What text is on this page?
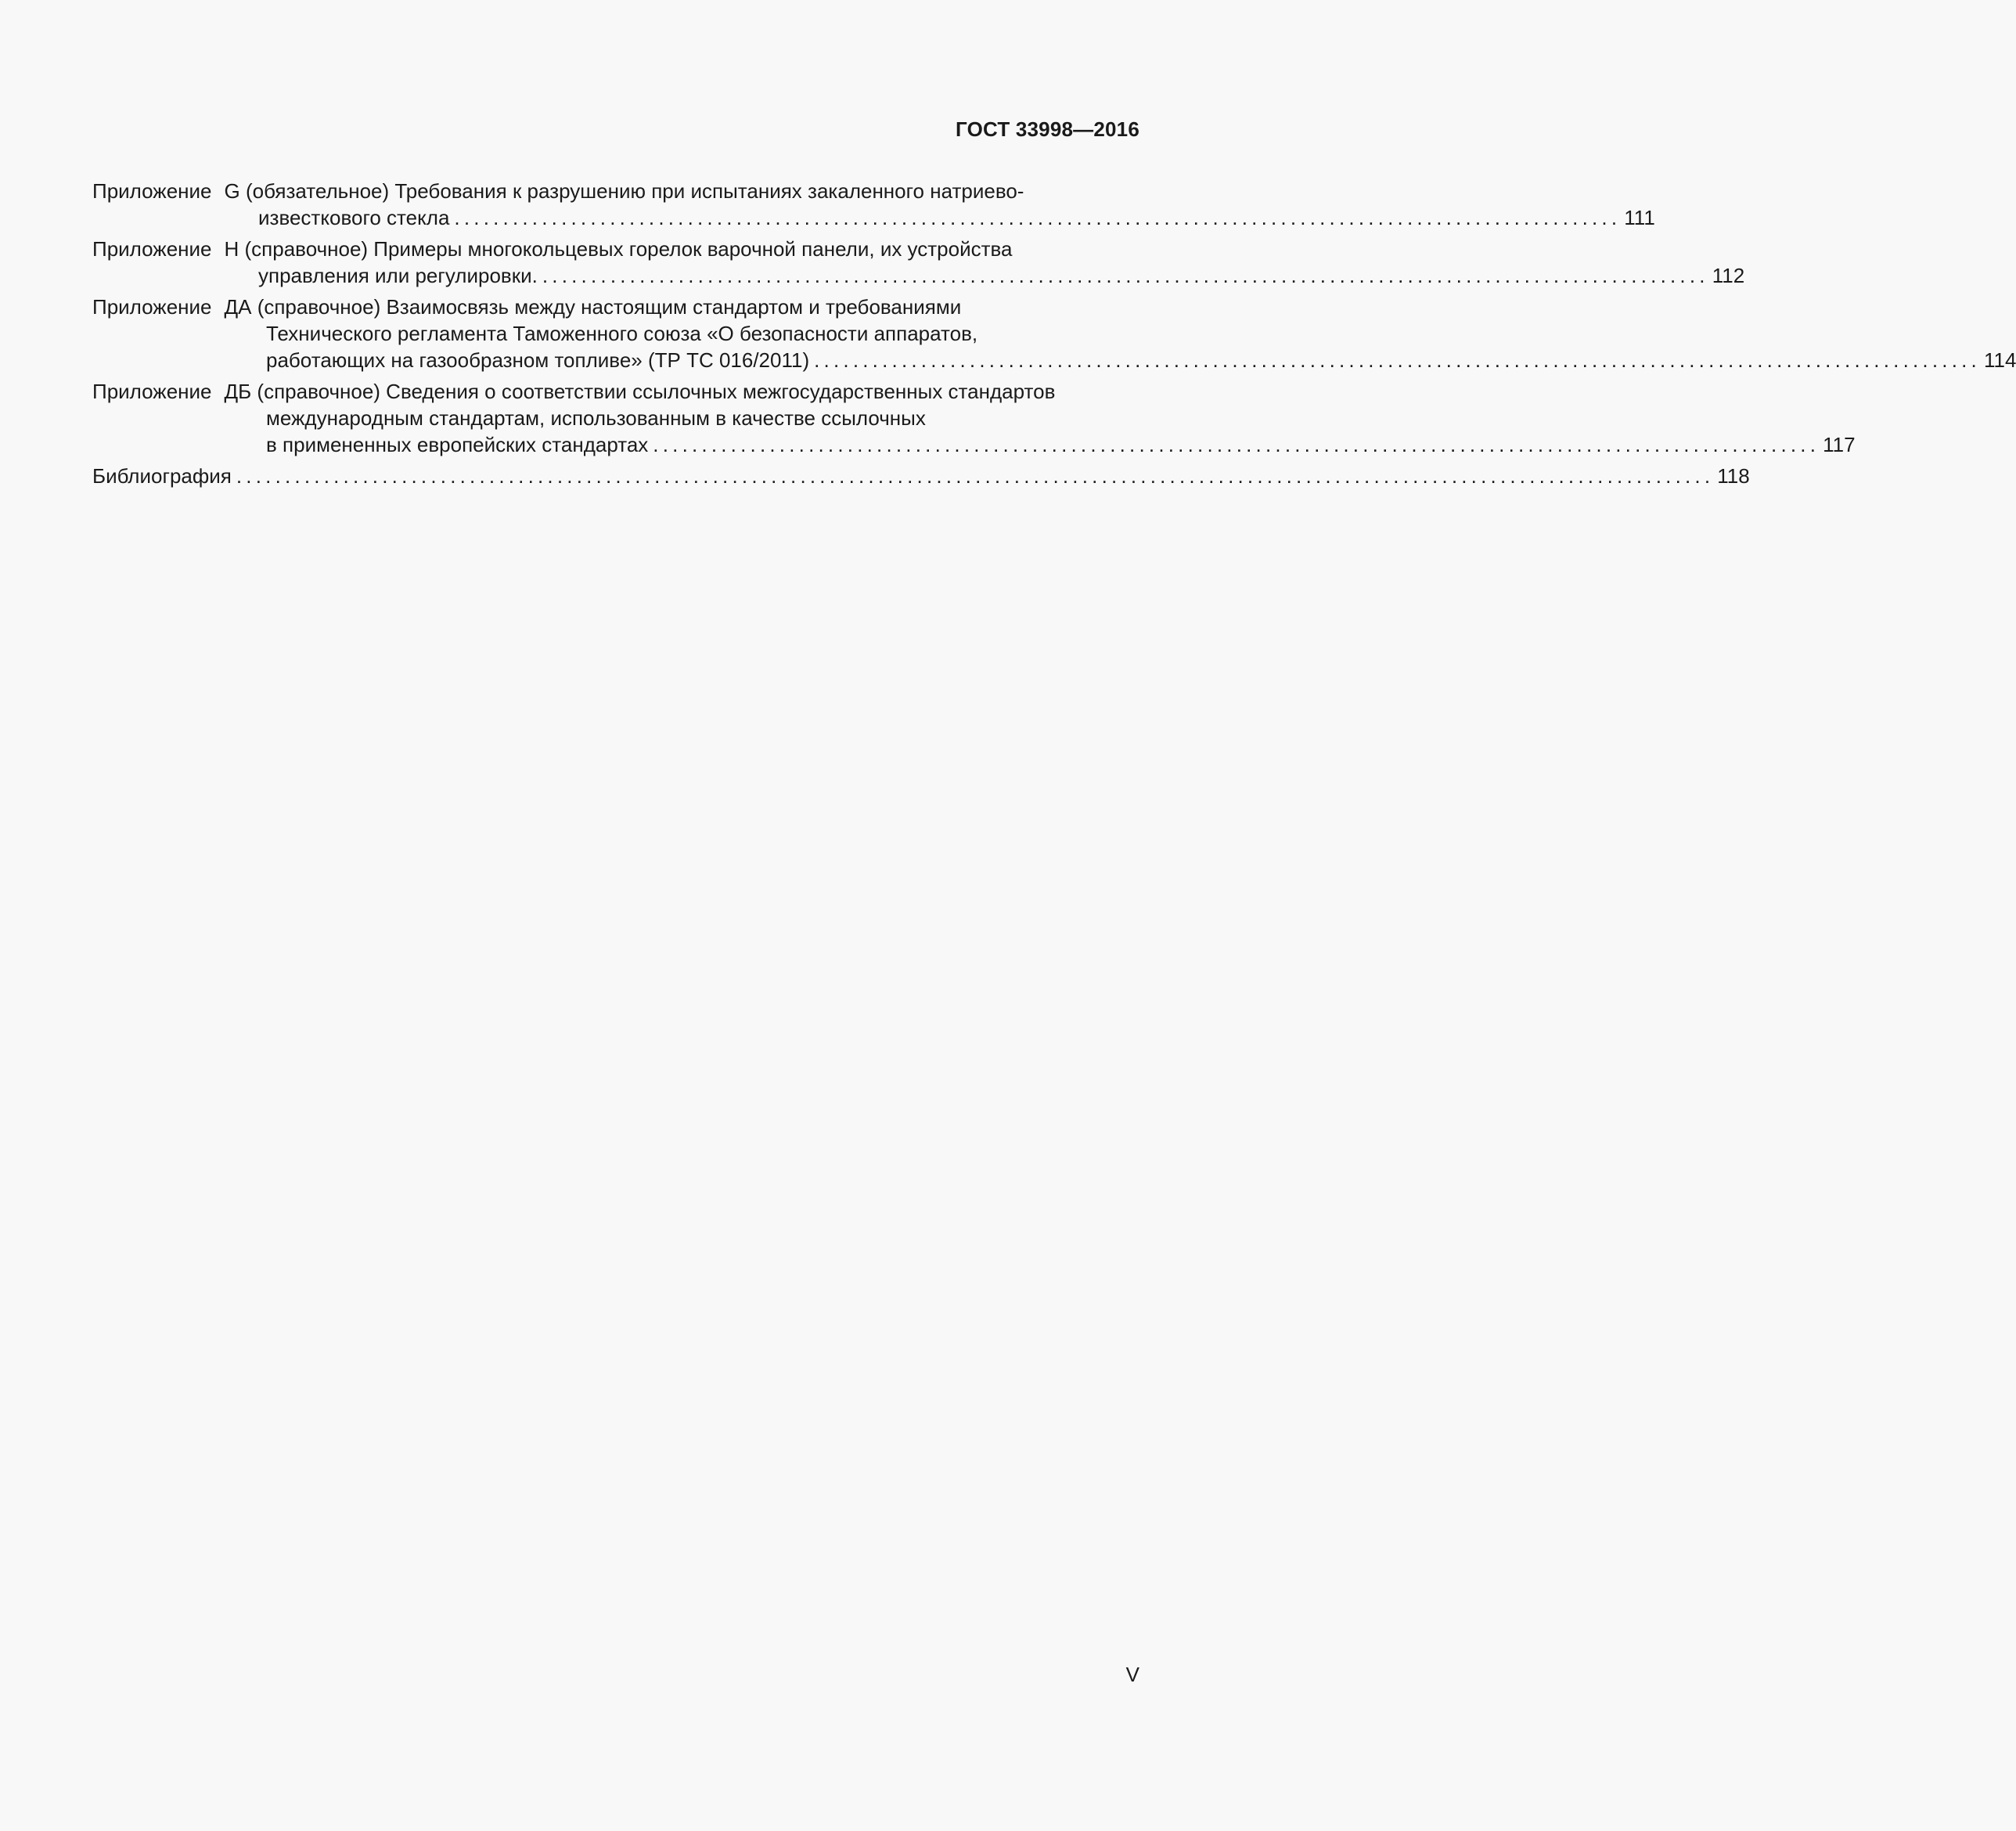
ГОСТ 33998—2016
Приложение G (обязательное) Требования к разрушению при испытаниях закаленного натриево-
известкового стекла ........................................................................................................................ 111
Приложение Н (справочное) Примеры многокольцевых горелок варочной панели, их устройства
управления или регулировки. ........................................................................................................................ 112
Приложение ДА (справочное) Взаимосвязь между настоящим стандартом и требованиями
Технического регламента Таможенного союза «О безопасности аппаратов,
работающих на газообразном топливе» (ТР ТС 016/2011) ........................................................................................................................ 114
Приложение ДБ (справочное) Сведения о соответствии ссылочных межгосударственных стандартов
международным стандартам, использованным в качестве ссылочных
в примененных европейских стандартах ........................................................................................................................ 117
Библиография ........................................................................................................................................................ 118
V
